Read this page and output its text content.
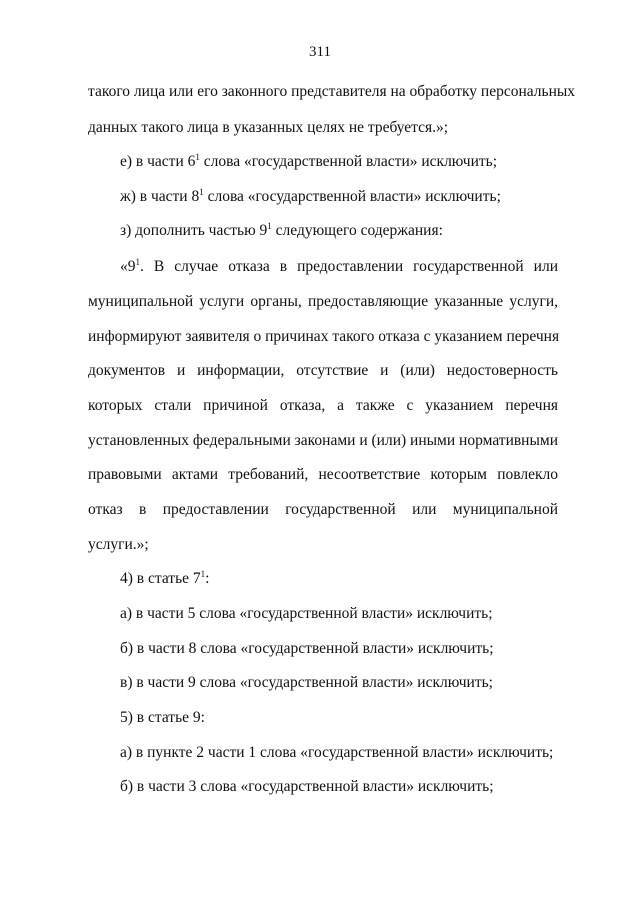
311
такого лица или его законного представителя на обработку персональных
данных такого лица в указанных целях не требуется.»;
е) в части $6^1$ слова «государственной власти» исключить;
ж) в части $8^1$ слова «государственной власти» исключить;
з) дополнить частью $9^1$ следующего содержания:
«$9^1$. В случае отказа в предоставлении государственной или
муниципальной услуги органы, предоставляющие указанные услуги,
информируют заявителя о причинах такого отказа с указанием перечня
документов и информации, отсутствие и (или) недостоверность
которых стали причиной отказа, а также с указанием перечня
установленных федеральными законами и (или) иными нормативными
правовыми актами требований, несоответствие которым повлекло
отказ в предоставлении государственной или муниципальной
услуги.»;
4) в статье $7^1$:
а) в части 5 слова «государственной власти» исключить;
б) в части 8 слова «государственной власти» исключить;
в) в части 9 слова «государственной власти» исключить;
5) в статье 9:
а) в пункте 2 части 1 слова «государственной власти» исключить;
б) в части 3 слова «государственной власти» исключить;
